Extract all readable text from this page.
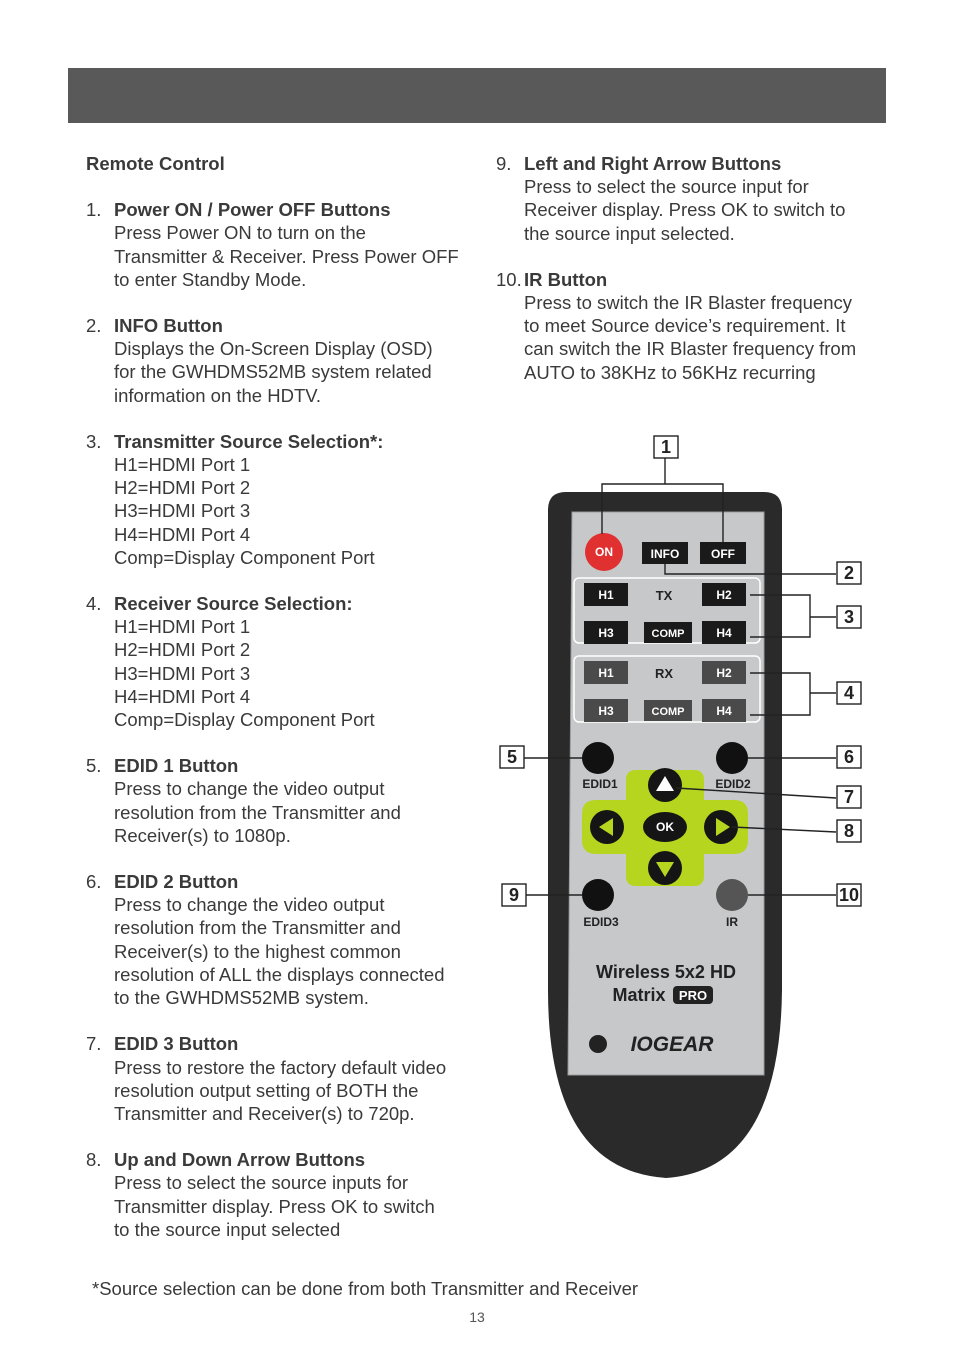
Remote Control
1. Power ON / Power OFF Buttons
Press Power ON to turn on the
Transmitter & Receiver. Press Power OFF
to enter Standby Mode.
2. INFO Button
Displays the On-Screen Display (OSD)
for the GWHDMS52MB system related
information on the HDTV.
3. Transmitter Source Selection*:
H1=HDMI Port 1
H2=HDMI Port 2
H3=HDMI Port 3
H4=HDMI Port 4
Comp=Display Component Port
4. Receiver Source Selection:
H1=HDMI Port 1
H2=HDMI Port 2
H3=HDMI Port 3
H4=HDMI Port 4
Comp=Display Component Port
5. EDID 1 Button
Press to change the video output
resolution from the Transmitter and
Receiver(s) to 1080p.
6. EDID 2 Button
Press to change the video output
resolution from the Transmitter and
Receiver(s) to the highest common
resolution of ALL the displays connected
to the GWHDMS52MB system.
7. EDID 3 Button
Press to restore the factory default video
resolution output setting of BOTH the
Transmitter and Receiver(s) to 720p.
8. Up and Down Arrow Buttons
Press to select the source inputs for
Transmitter display. Press OK to switch
to the source input selected
9. Left and Right Arrow Buttons
Press to select the source input for
Receiver display. Press OK to switch to
the source input selected.
10. IR Button
Press to switch the IR Blaster frequency
to meet Source device’s requirement. It
can switch the IR Blaster frequency from
AUTO to 38KHz to 56KHz recurring
ON	INFO	OFF
H1	TX	H2
H3	COMP	H4
H1	RX	H2
H3	COMP	H4
EDID1	EDID2
OK
EDID3	IR
Wireless 5x2 HD
Matrix PRO
IOGEAR
1
2
3
4
5	6
7
8
9	10
*Source selection can be done from both Transmitter and Receiver
13
